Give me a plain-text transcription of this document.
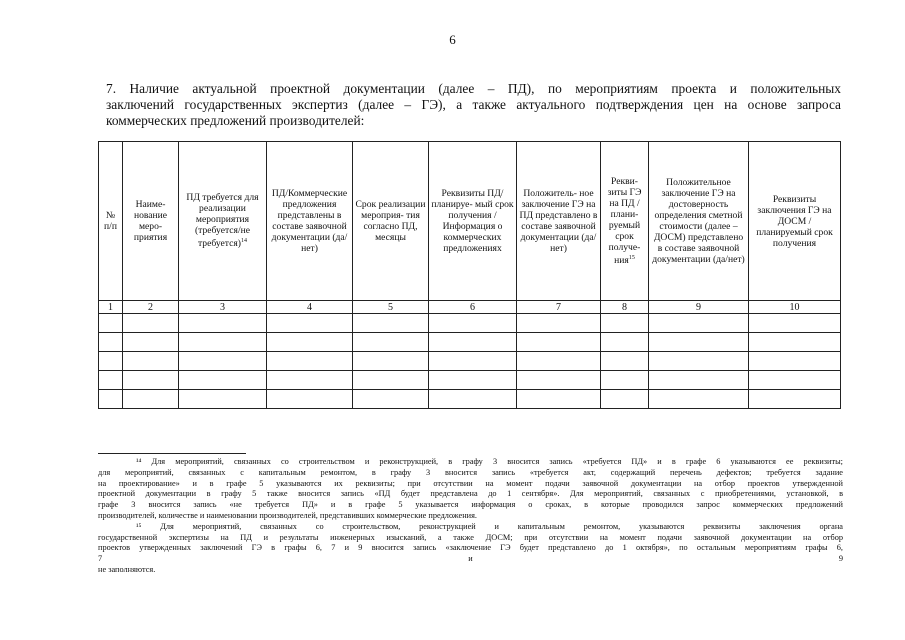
6
7. Наличие актуальной проектной документации (далее – ПД), по мероприятиям проекта и положительных
заключений государственных экспертиз (далее – ГЭ), а также актуального подтверждения цен на основе запроса
коммерческих предложений производителей:
№ п/п	Наиме- нование меро- приятия	ПД требуется для реализации мероприятия (требуется/не требуется)$^{14}$	ПД/Коммерческие предложения представлены в составе заявочной документации (да/нет)	Срок реализации мероприя- тия согласно ПД, месяцы	Реквизиты ПД/планируе- мый срок получения / Информация о коммерческих предложениях	Положитель- ное заключение ГЭ на ПД представлено в составе заявочной документации (да/нет)	Рекви- зиты ГЭ на ПД / плани- руемый срок получе- ния$^{15}$	Положительное заключение ГЭ на достоверность определения сметной стоимости (далее – ДОСМ) представлено в составе заявочной документации (да/нет)	Реквизиты заключения ГЭ на ДОСМ / планируемый срок получения
1	2	3	4	5	6	7	8	9	10

¹⁴ Для мероприятий, связанных со строительством и реконструкцией, в графу 3 вносится запись «требуется ПД» и в графе 6 указываются ее реквизиты;
для мероприятий, связанных с капитальным ремонтом, в графу 3 вносится запись «требуется акт, содержащий перечень дефектов; требуется задание
на проектирование» и в графе 5 указываются их реквизиты; при отсутствии на момент подачи заявочной документации на отбор проектов утвержденной
проектной документации в графу 5 также вносится запись «ПД будет представлена до 1 сентября». Для мероприятий, связанных с приобретениями, установкой, в
графе 3 вносится запись «не требуется ПД» и в графе 5 указывается информация о сроках, в которые проводился запрос коммерческих предложений
производителей, количестве и наименовании производителей, представивших коммерческие предложения.

¹⁵ Для мероприятий, связанных со строительством, реконструкцией и капитальным ремонтом, указываются реквизиты заключения органа
государственной экспертизы на ПД и результаты инженерных изысканий, а также ДОСМ; при отсутствии на момент подачи заявочной документации на отбор
проектов утвержденных заключений ГЭ в графы 6, 7 и 9 вносится запись «заключение ГЭ будет представлено до 1 октября», по остальным мероприятиям графы 6,
7 и 9
не заполняются.
